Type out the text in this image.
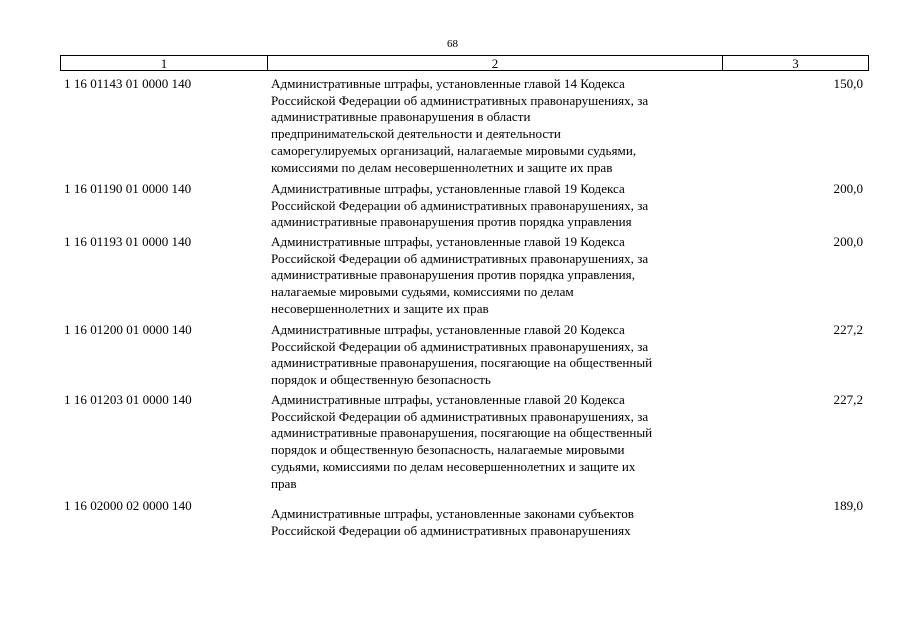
68
1	2	3
1 16 01143 01 0000 140	Административные штрафы, установленные главой 14 Кодекса
Российской Федерации об административных правонарушениях, за
административные правонарушения в области
предпринимательской деятельности и деятельности
саморегулируемых организаций, налагаемые мировыми судьями,
комиссиями по делам несовершеннолетних и защите их прав
150,0
1 16 01190 01 0000 140	Административные штрафы, установленные главой 19 Кодекса
Российской Федерации об административных правонарушениях, за
административные правонарушения против порядка управления
200,0
1 16 01193 01 0000 140	Административные штрафы, установленные главой 19 Кодекса
Российской Федерации об административных правонарушениях, за
административные правонарушения против порядка управления,
налагаемые мировыми судьями, комиссиями по делам
несовершеннолетних и защите их прав
200,0
1 16 01200 01 0000 140	Административные штрафы, установленные главой 20 Кодекса
Российской Федерации об административных правонарушениях, за
административные правонарушения, посягающие на общественный
порядок и общественную безопасность
227,2
1 16 01203 01 0000 140	Административные штрафы, установленные главой 20 Кодекса
Российской Федерации об административных правонарушениях, за
административные правонарушения, посягающие на общественный
порядок и общественную безопасность, налагаемые мировыми
судьями, комиссиями по делам несовершеннолетних и защите их
прав
227,2
1 16 02000 02 0000 140
Административные штрафы, установленные законами субъектов
Российской Федерации об административных правонарушениях
189,0
